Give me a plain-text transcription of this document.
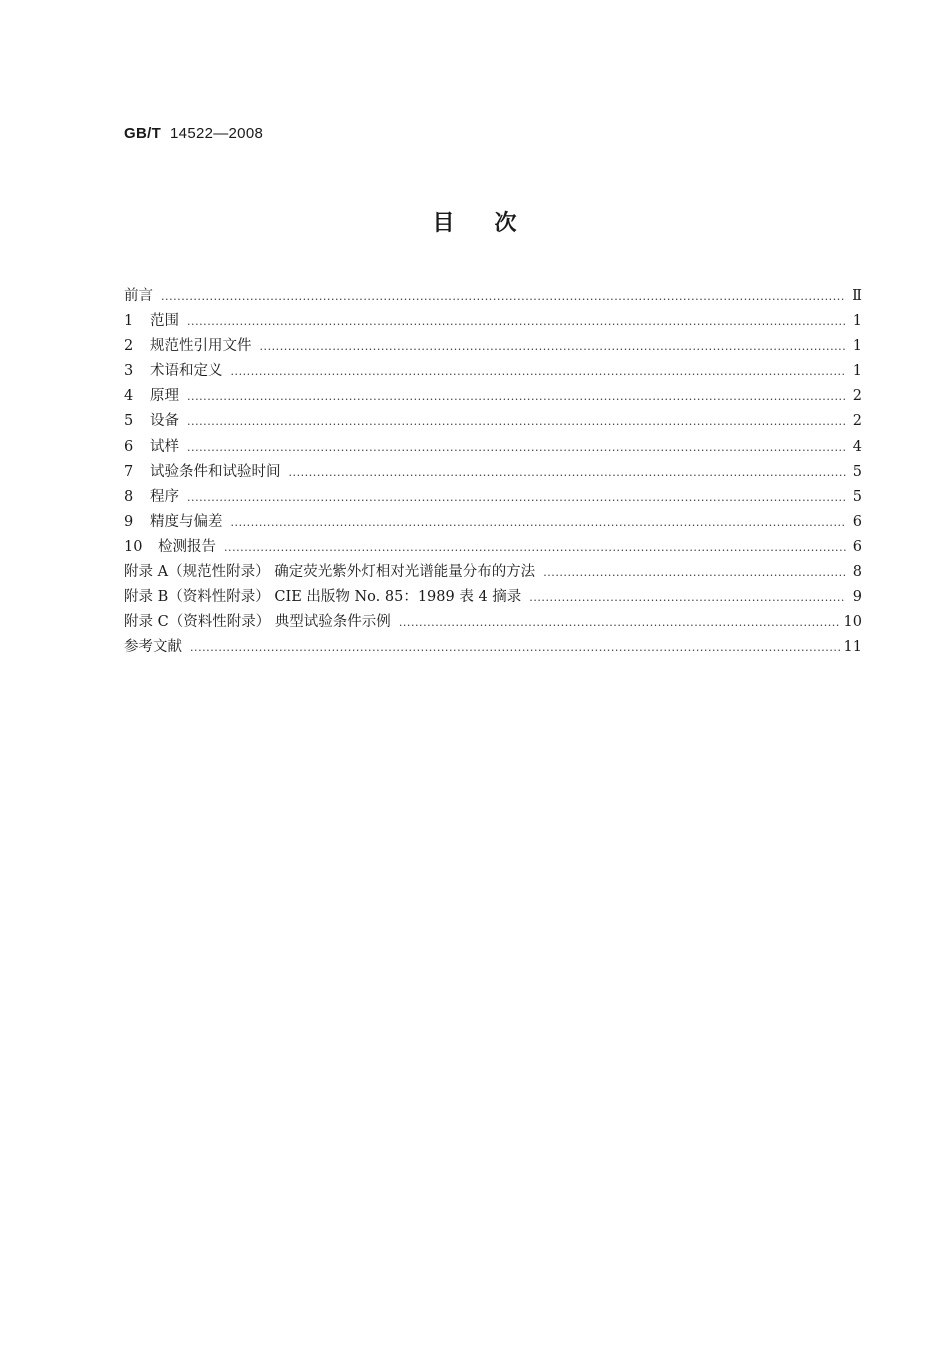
GB/T 14522—2008
目次
前言 .....	Ⅱ
1	范围 .....	1
2	规范性引用文件 .....	1
3	术语和定义 .....	1
4	原理 .....	2
5	设备 .....	2
6	试样 .....	4
7	试验条件和试验时间 .....	5
8	程序 .....	5
9	精度与偏差 .....	6
10	检测报告 .....	6
附录 A（规范性附录） 确定荧光紫外灯相对光谱能量分布的方法 .....	8
附录 B（资料性附录） CIE 出版物 No. 85：1989 表 4 摘录 .....	9
附录 C（资料性附录） 典型试验条件示例 .....	10
参考文献 .....	11
